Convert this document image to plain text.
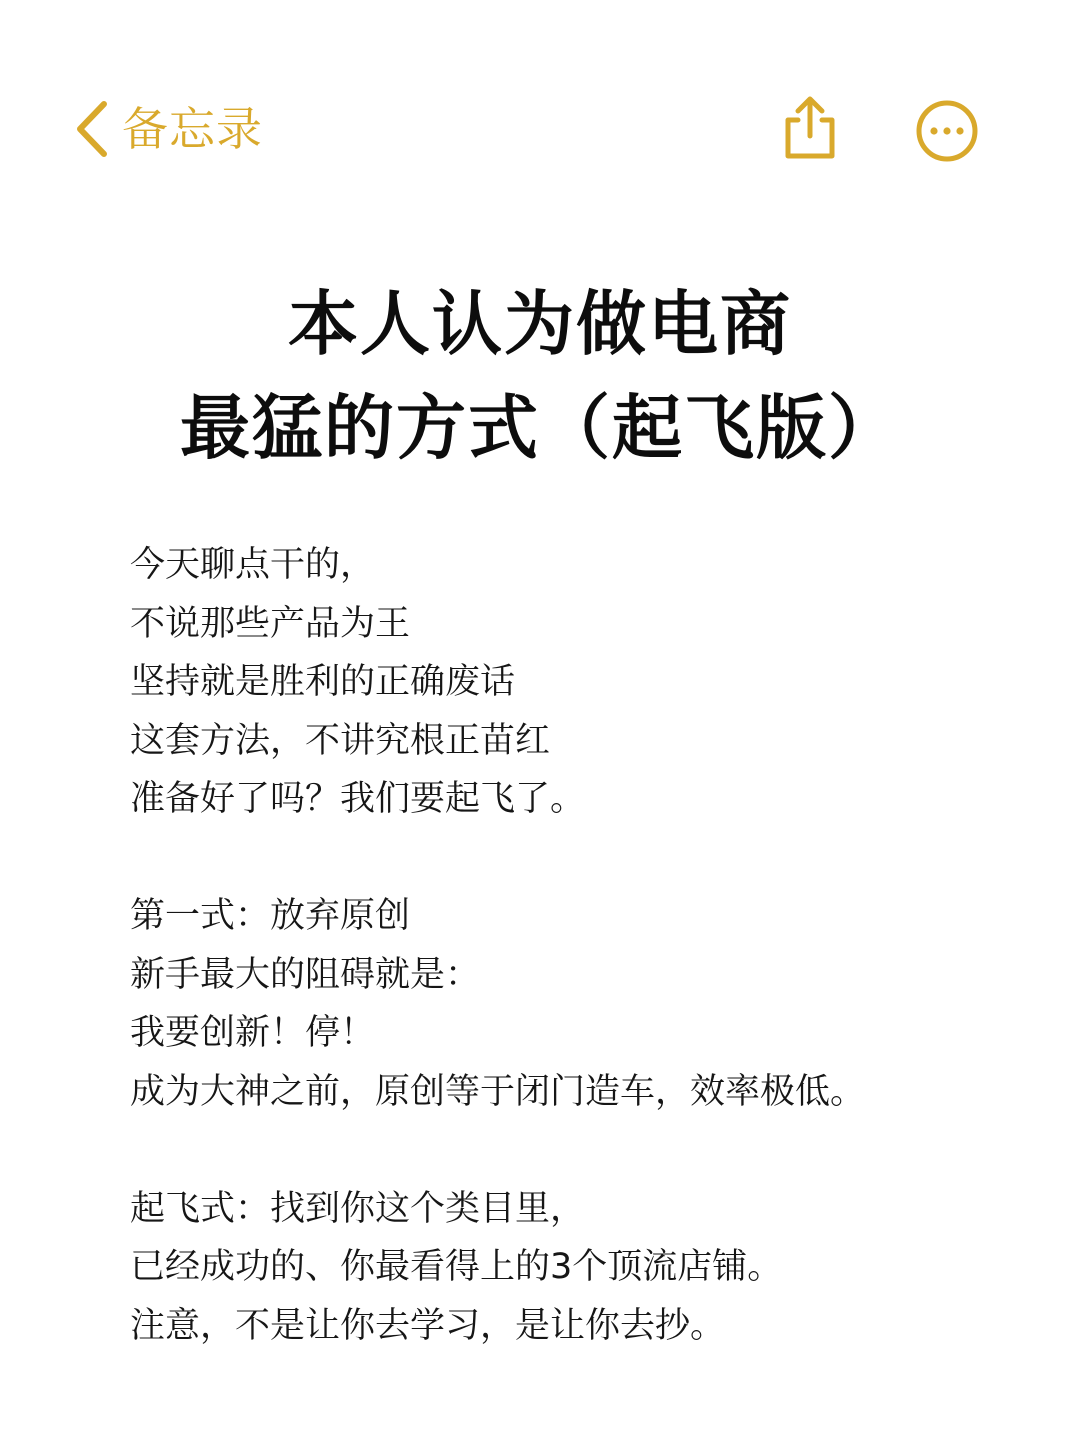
备忘录
本人认为做电商
最猛的方式（起飞版）
今天聊点干的，
不说那些产品为王
坚持就是胜利的正确废话
这套方法，不讲究根正苗红
准备好了吗？我们要起飞了。
第一式：放弃原创
新手最大的阻碍就是：
我要创新！停！
成为大神之前，原创等于闭门造车，效率极低。
起飞式：找到你这个类目里，
已经成功的、你最看得上的3个顶流店铺。
注意，不是让你去学习，是让你去抄。
